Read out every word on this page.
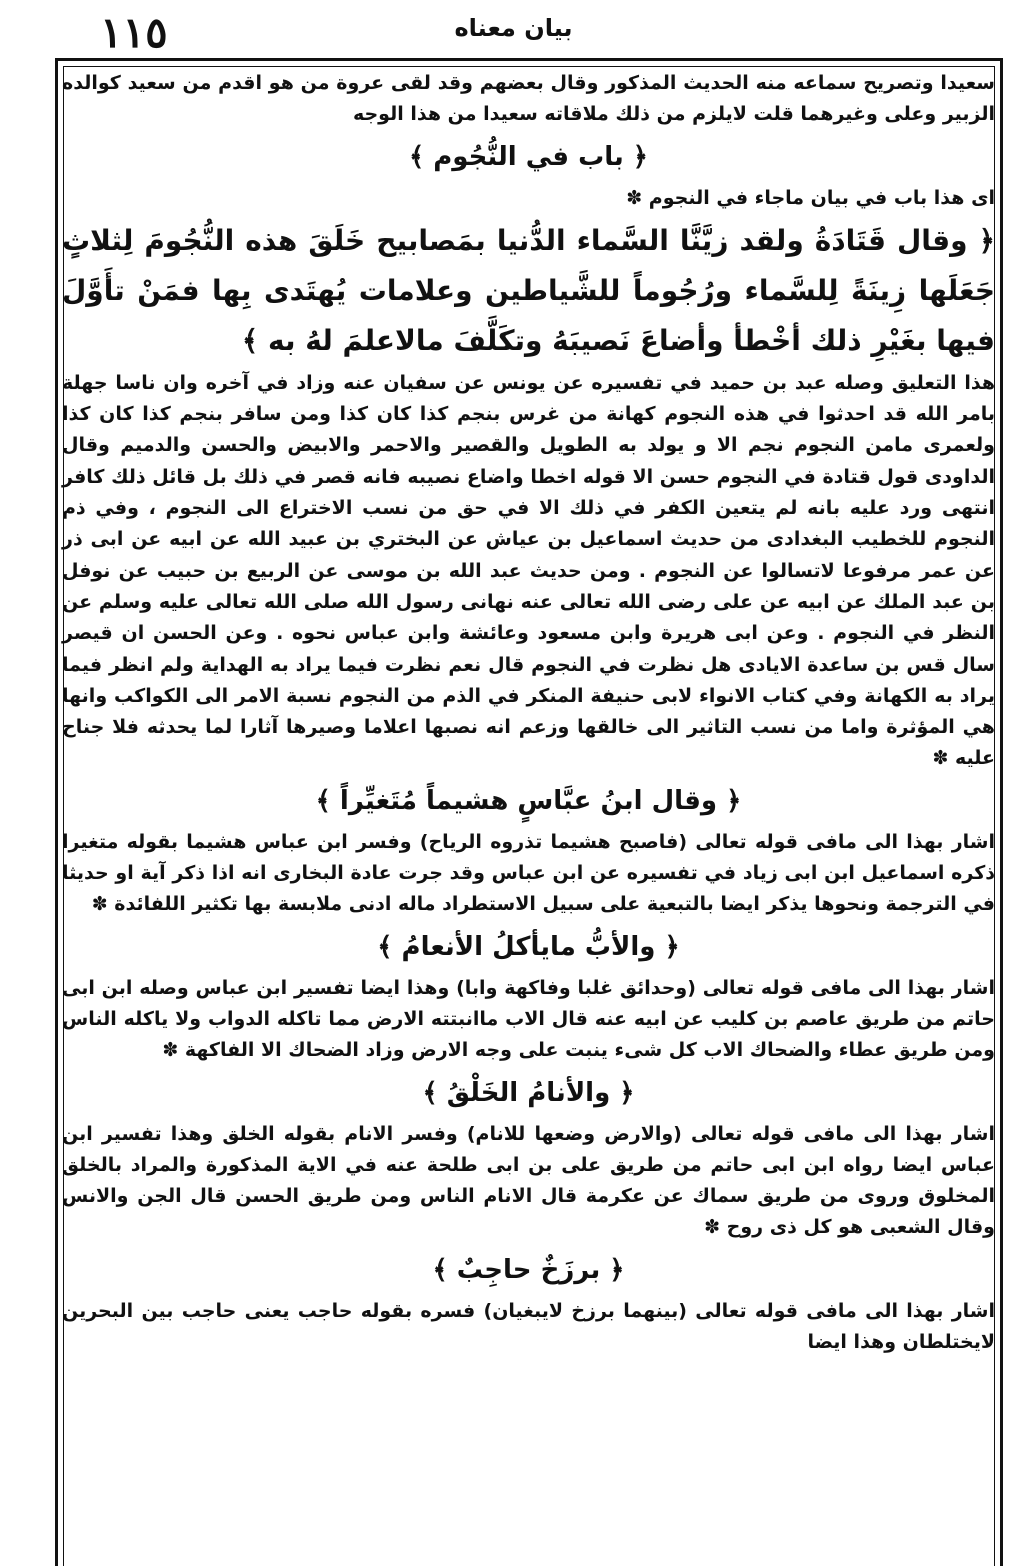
١١٥	بيان معناه

سعيدا وتصريح سماعه منه الحديث المذكور وقال بعضهم وقد لقى عروة من هو اقدم من سعيد كوالده الزبير وعلى وغيرهما قلت لايلزم من ذلك ملاقاته سعيدا من هذا الوجه

﴿ باب في النُّجُوم ﴾

اى هذا باب في بيان ماجاء في النجوم ✽

﴿ وقال قَتَادَةُ ولقد زيَّنَّا السَّماء الدُّنيا بمَصابيح خَلَقَ هذه النُّجُومَ لِثلاثٍ جَعَلَها زِينَةً لِلسَّماء ورُجُوماً للشَّياطين وعلامات يُهتَدى بِها فمَنْ تأَوَّلَ فيها بغَيْرِ ذلك أخْطأ وأضاعَ نَصيبَهُ وتكَلَّفَ مالاعلمَ لهُ به ﴾

هذا التعليق وصله عبد بن حميد في تفسيره عن يونس عن سفيان عنه وزاد في آخره وان ناسا جهلة بامر الله قد احدثوا في هذه النجوم كهانة من غرس بنجم كذا كان كذا ومن سافر بنجم كذا كان كذا ولعمرى مامن النجوم نجم الا و يولد به الطويل والقصير والاحمر والابيض والحسن والدميم وقال الداودى قول قتادة في النجوم حسن الا قوله اخطا واضاع نصيبه فانه قصر في ذلك بل قائل ذلك كافر انتهى ورد عليه بانه لم يتعين الكفر في ذلك الا في حق من نسب الاختراع الى النجوم ، وفي ذم النجوم للخطيب البغدادى من حديث اسماعيل بن عياش عن البختري بن عبيد الله عن ابيه عن ابى ذر عن عمر مرفوعا لاتسالوا عن النجوم . ومن حديث عبد الله بن موسى عن الربيع بن حبيب عن نوفل بن عبد الملك عن ابيه عن على رضى الله تعالى عنه نهانى رسول الله صلى الله تعالى عليه وسلم عن النظر في النجوم . وعن ابى هريرة وابن مسعود وعائشة وابن عباس نحوه . وعن الحسن ان قيصر سال قس بن ساعدة الايادى هل نظرت في النجوم قال نعم نظرت فيما يراد به الهداية ولم انظر فيما يراد به الكهانة وفي كتاب الانواء لابى حنيفة المنكر في الذم من النجوم نسبة الامر الى الكواكب وانها هي المؤثرة واما من نسب التاثير الى خالقها وزعم انه نصبها اعلاما وصيرها آثارا لما يحدثه فلا جناح عليه ✽

﴿ وقال ابنُ عبَّاسٍ هشيماً مُتَغيِّراً ﴾

اشار بهذا الى مافى قوله تعالى (فاصبح هشيما تذروه الرياح) وفسر ابن عباس هشيما بقوله متغيرا ذكره اسماعيل ابن ابى زياد في تفسيره عن ابن عباس وقد جرت عادة البخارى انه اذا ذكر آية او حديثا في الترجمة ونحوها يذكر ايضا بالتبعية على سبيل الاستطراد ماله ادنى ملابسة بها تكثير اللفائدة ✽

﴿ والأبُّ مايأكلُ الأنعامُ ﴾

اشار بهذا الى مافى قوله تعالى (وحدائق غلبا وفاكهة وابا) وهذا ايضا تفسير ابن عباس وصله ابن ابى حاتم من طريق عاصم بن كليب عن ابيه عنه قال الاب ماانبتته الارض مما تاكله الدواب ولا ياكله الناس ومن طريق عطاء والضحاك الاب كل شىء ينبت على وجه الارض وزاد الضحاك الا الفاكهة ✽

﴿ والأنامُ الخَلْقُ ﴾

اشار بهذا الى مافى قوله تعالى (والارض وضعها للانام) وفسر الانام بقوله الخلق وهذا تفسير ابن عباس ايضا رواه ابن ابى حاتم من طريق على بن ابى طلحة عنه في الاية المذكورة والمراد بالخلق المخلوق وروى من طريق سماك عن عكرمة قال الانام الناس ومن طريق الحسن قال الجن والانس وقال الشعبى هو كل ذى روح ✽

﴿ برزَخٌ حاجِبٌ ﴾

اشار بهذا الى مافى قوله تعالى (بينهما برزخ لايبغيان) فسره بقوله حاجب يعنى حاجب بين البحرين لايختلطان وهذا ايضا
